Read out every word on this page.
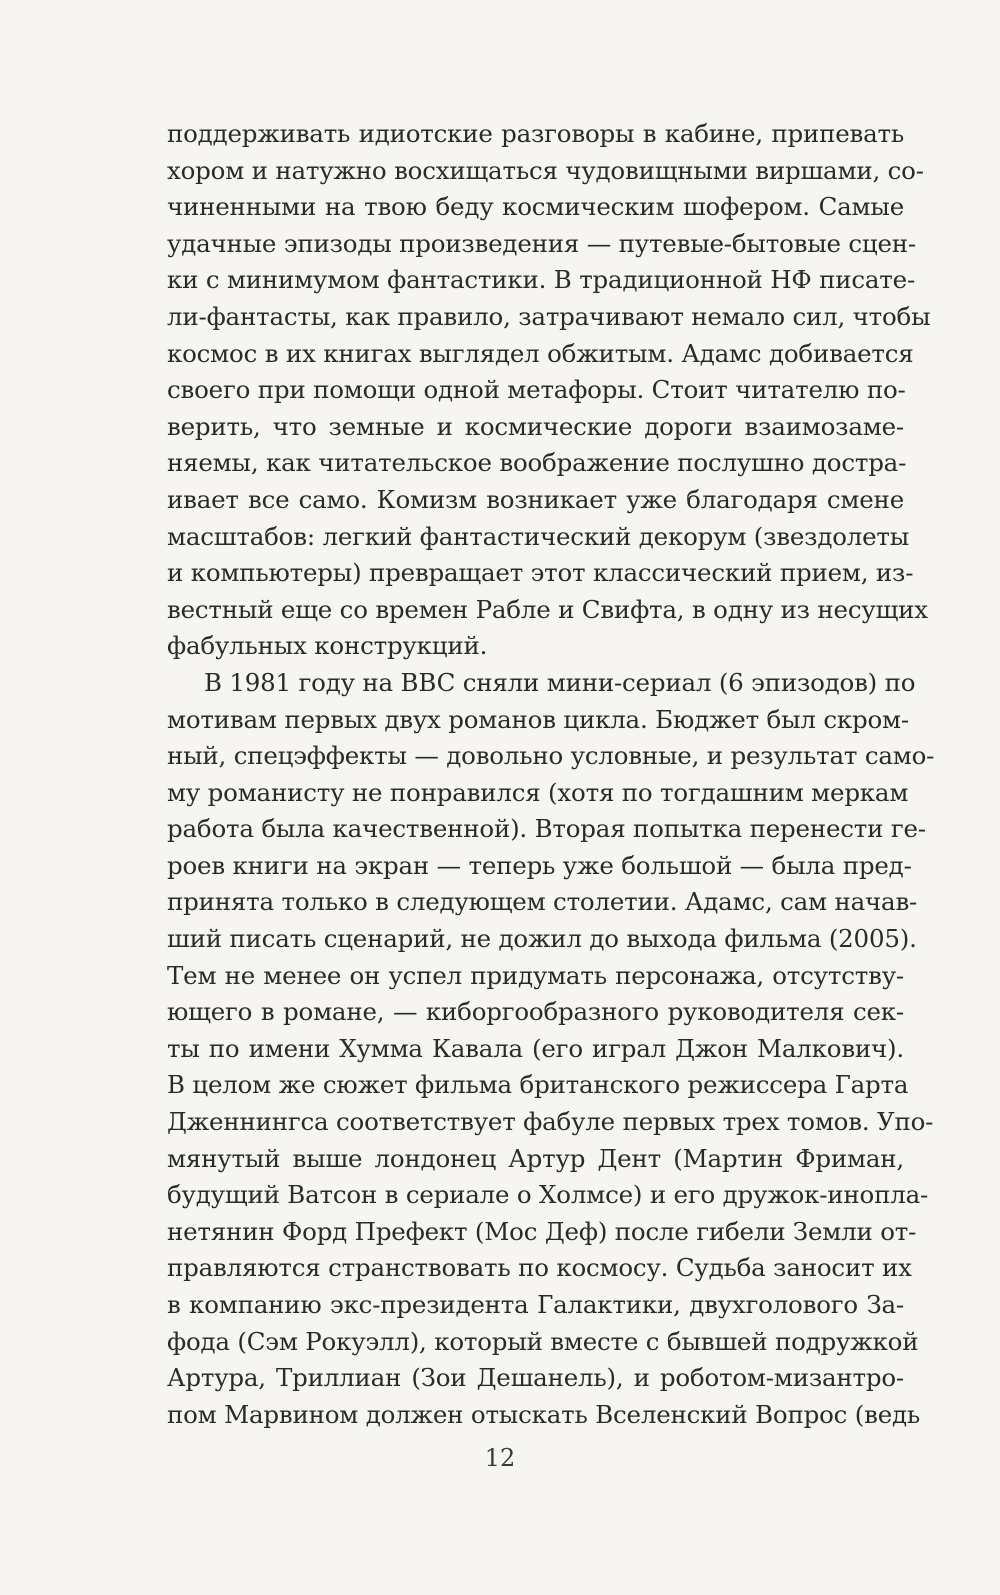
поддерживать идиотские разговоры в кабине, припевать
хором и натужно восхищаться чудовищными виршами, со-
чиненными на твою беду космическим шофером. Самые
удачные эпизоды произведения — путевые-бытовые сцен-
ки с минимумом фантастики. В традиционной НФ писате-
ли-фантасты, как правило, затрачивают немало сил, чтобы
космос в их книгах выглядел обжитым. Адамс добивается
своего при помощи одной метафоры. Стоит читателю по-
верить, что земные и космические дороги взаимозаме-
няемы, как читательское воображение послушно достра-
ивает все само. Комизм возникает уже благодаря смене
масштабов: легкий фантастический декорум (звездолеты
и компьютеры) превращает этот классический прием, из-
вестный еще со времен Рабле и Свифта, в одну из несущих
фабульных конструкций.
В 1981 году на BBC сняли мини-сериал (6 эпизодов) по
мотивам первых двух романов цикла. Бюджет был скром-
ный, спецэффекты — довольно условные, и результат само-
му романисту не понравился (хотя по тогдашним меркам
работа была качественной). Вторая попытка перенести ге-
роев книги на экран — теперь уже большой — была пред-
принята только в следующем столетии. Адамс, сам начав-
ший писать сценарий, не дожил до выхода фильма (2005).
Тем не менее он успел придумать персонажа, отсутству-
ющего в романе, — киборгообразного руководителя сек-
ты по имени Хумма Кавала (его играл Джон Малкович).
В целом же сюжет фильма британского режиссера Гарта
Дженнингса соответствует фабуле первых трех томов. Упо-
мянутый выше лондонец Артур Дент (Мартин Фриман,
будущий Ватсон в сериале о Холмсе) и его дружок-инопла-
нетянин Форд Префект (Мос Деф) после гибели Земли от-
правляются странствовать по космосу. Судьба заносит их
в компанию экс-президента Галактики, двухголового За-
фода (Сэм Рокуэлл), который вместе с бывшей подружкой
Артура, Триллиан (Зои Дешанель), и роботом-мизантро-
пом Марвином должен отыскать Вселенский Вопрос (ведь
12
